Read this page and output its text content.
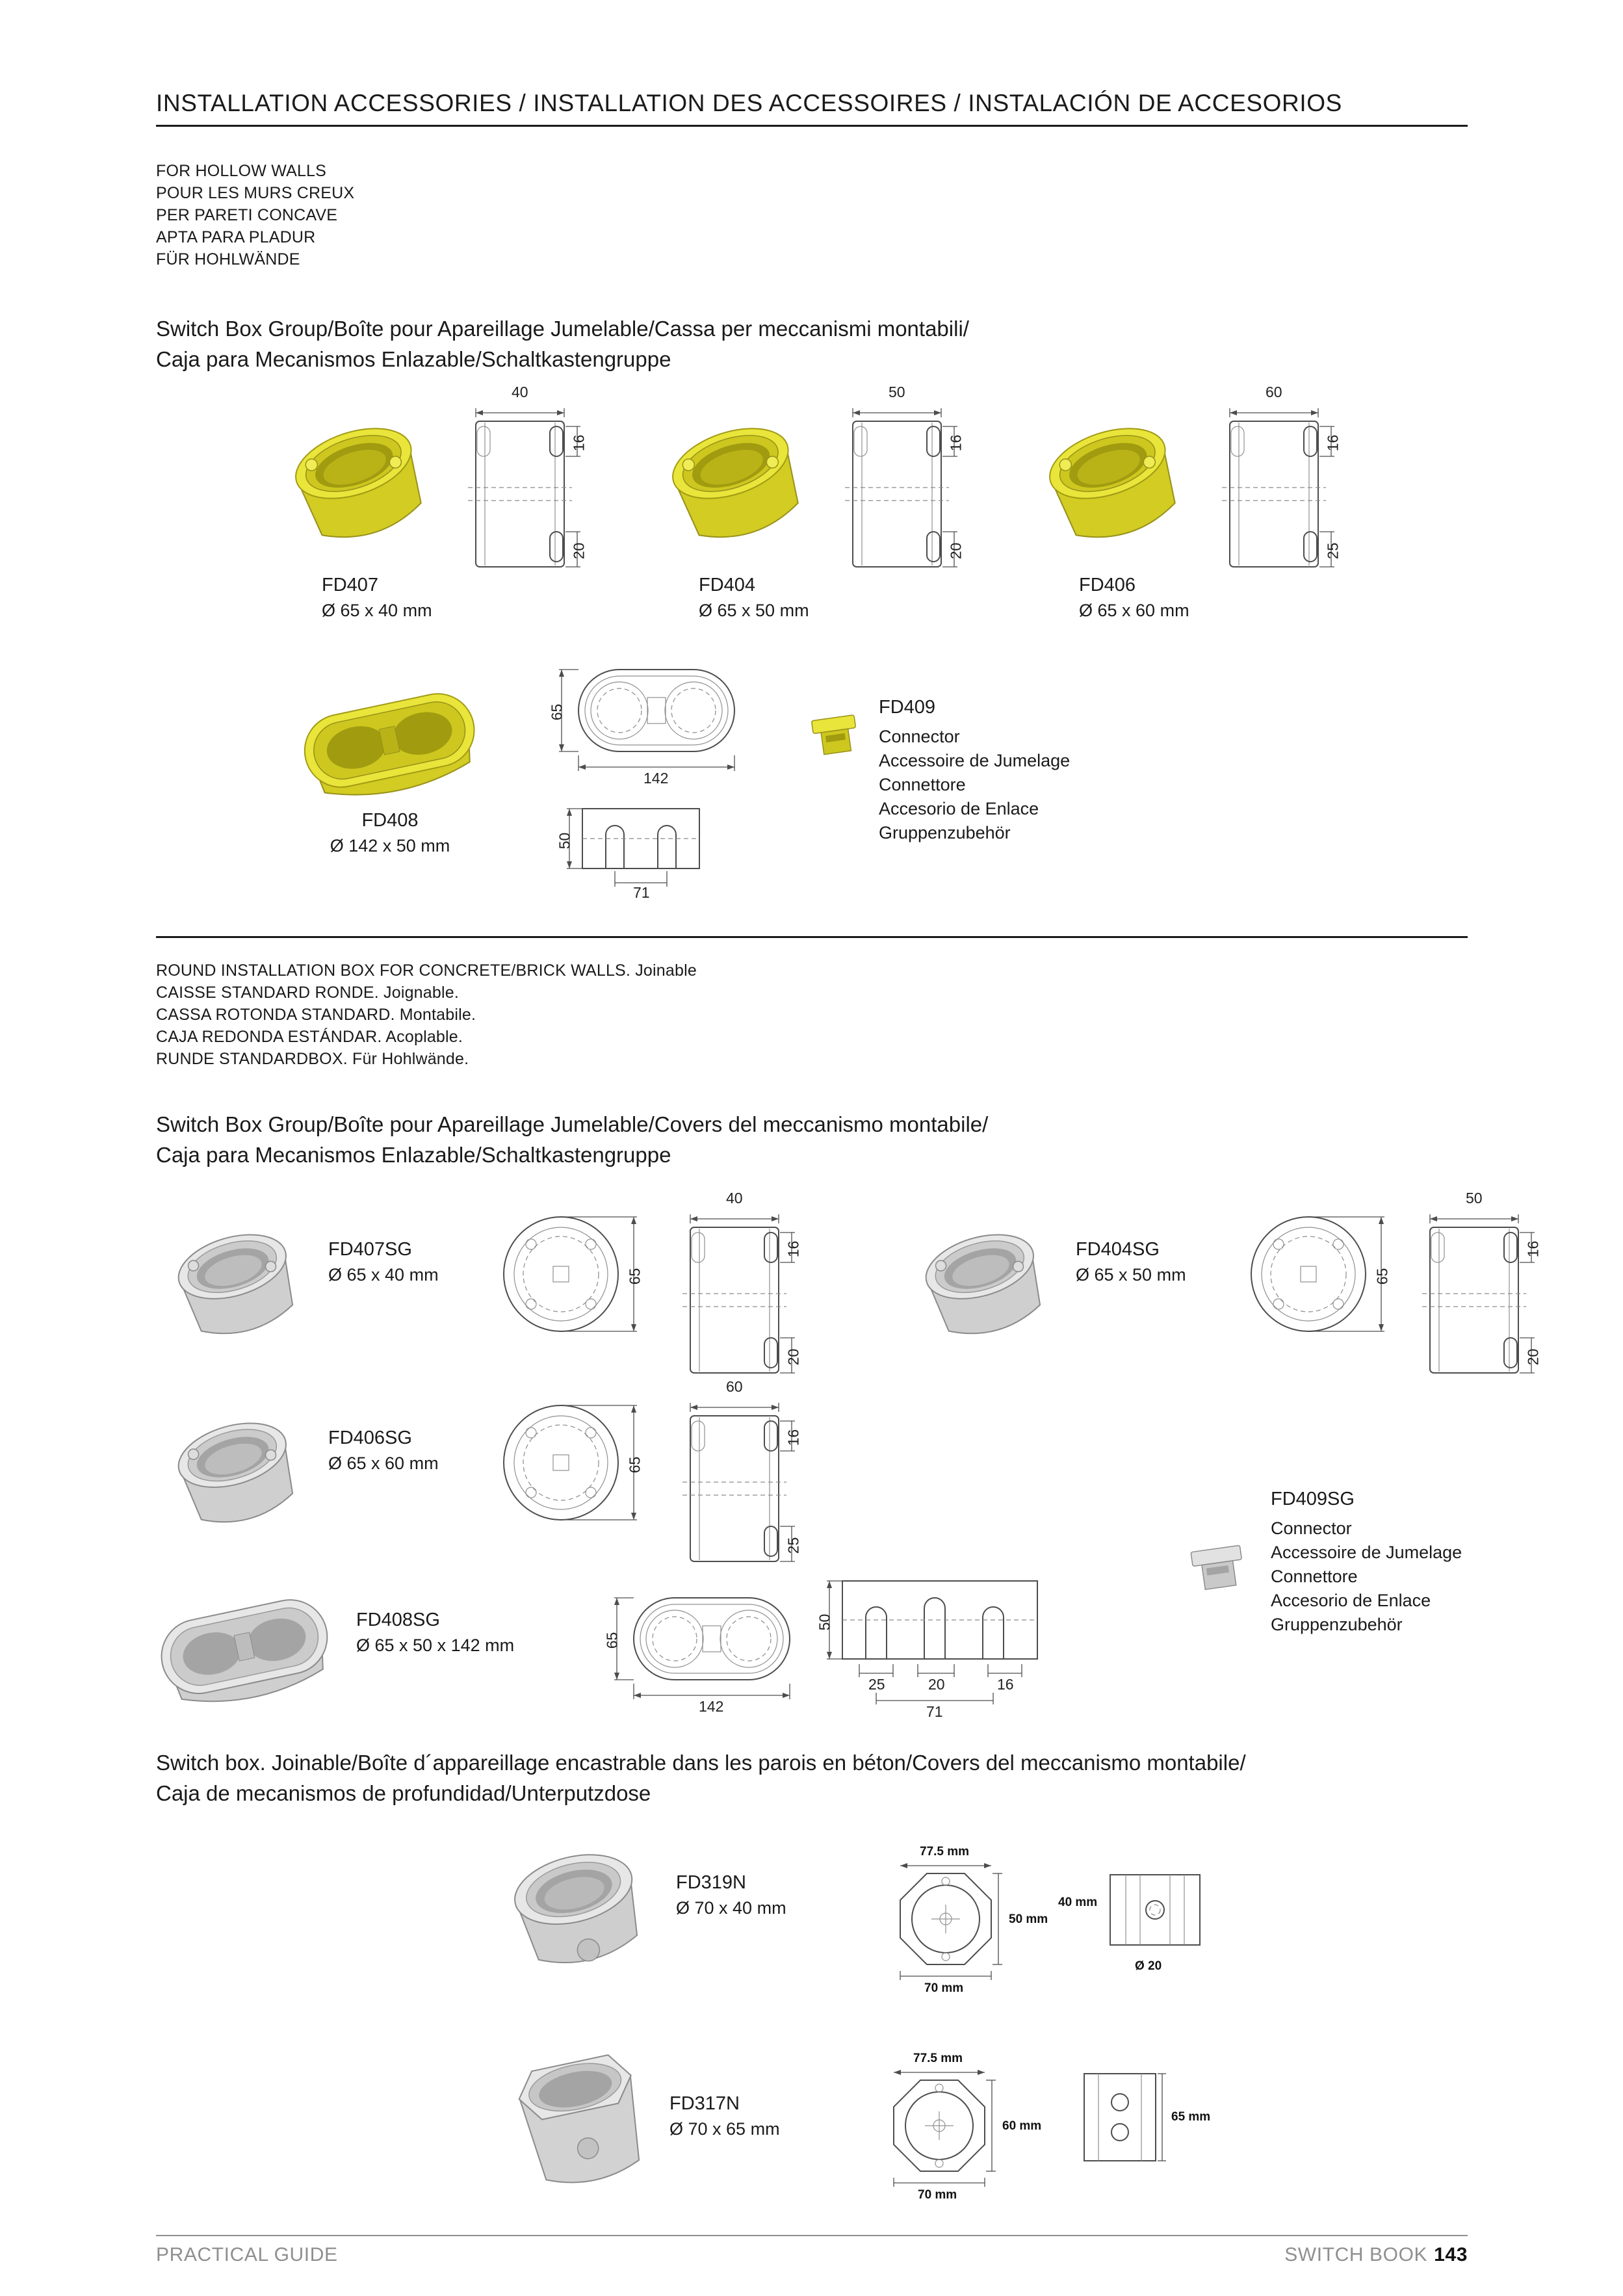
INSTALLATION ACCESSORIES / INSTALLATION DES ACCESSOIRES / INSTALACIÓN DE ACCESORIOS
FOR HOLLOW WALLS
POUR LES MURS CREUX
PER PARETI CONCAVE
APTA PARA PLADUR
FÜR HOHLWÄNDE
Switch Box Group/Boîte pour Apareillage Jumelable/Cassa per meccanismi montabili/
Caja para Mecanismos Enlazable/Schaltkastengruppe
40
16
20
FD407
Ø 65 x 40 mm
50
16
20
FD404
Ø 65 x 50 mm
60
16
25
FD406
Ø 65 x 60 mm
65
142
50
71
FD408
Ø 142 x 50 mm
FD409
Connector
Accessoire de Jumelage
Connettore
Accesorio de Enlace
Gruppenzubehör
ROUND INSTALLATION BOX FOR CONCRETE/BRICK WALLS. Joinable
CAISSE STANDARD RONDE. Joignable.
CASSA ROTONDA STANDARD. Montabile.
CAJA REDONDA ESTÁNDAR. Acoplable.
RUNDE STANDARDBOX. Für Hohlwände.
Switch Box Group/Boîte pour Apareillage Jumelable/Covers del meccanismo montabile/
Caja para Mecanismos Enlazable/Schaltkastengruppe
FD407SG
Ø 65 x 40 mm	65
40
16
20
FD404SG
Ø 65 x 50 mm	65
50
16
20
FD406SG
Ø 65 x 60 mm	65
60
16
25
FD409SG
Connector
Accessoire de Jumelage
Connettore
Accesorio de Enlace
Gruppenzubehör
FD408SG
Ø 65 x 50 x 142 mm	65
142
50
25	20	16
71
Switch box. Joinable/Boîte d´appareillage encastrable dans les parois en béton/Covers del meccanismo montabile/
Caja de mecanismos de profundidad/Unterputzdose
FD319N
Ø 70 x 40 mm
77.5 mm
50 mm
70 mm
40 mm
Ø 20
FD317N
Ø 70 x 65 mm
77.5 mm
60 mm
70 mm
65 mm
PRACTICAL GUIDE	SWITCH BOOK 143
